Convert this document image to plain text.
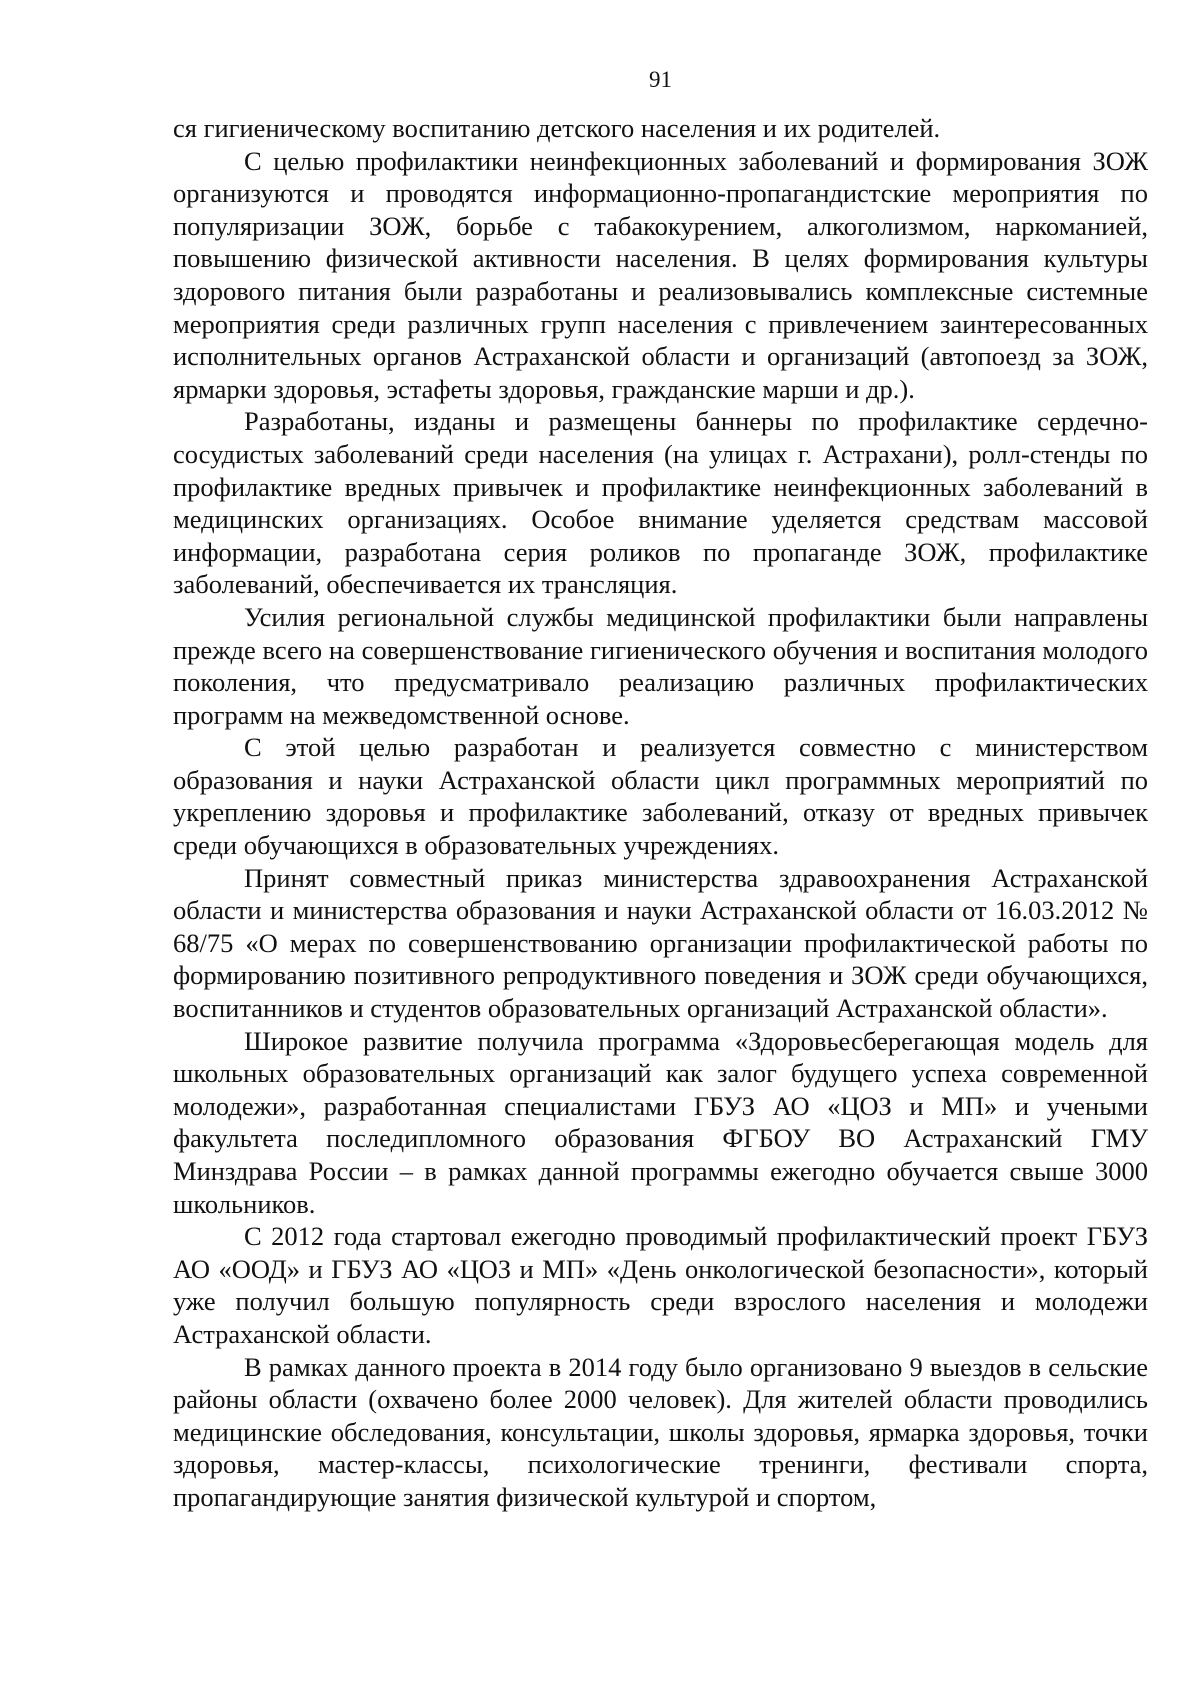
91

ся гигиеническому воспитанию детского населения и их родителей.

С целью профилактики неинфекционных заболеваний и формирования ЗОЖ организуются и проводятся информационно-пропагандистские мероприятия по популяризации ЗОЖ, борьбе с табакокурением, алкоголизмом, наркоманией, повышению физической активности населения. В целях формирования культуры здорового питания были разработаны и реализовывались комплексные системные мероприятия среди различных групп населения с привлечением заинтересованных исполнительных органов Астраханской области и организаций (автопоезд за ЗОЖ, ярмарки здоровья, эстафеты здоровья, гражданские марши и др.).

Разработаны, изданы и размещены баннеры по профилактике сердечно-сосудистых заболеваний среди населения (на улицах г. Астрахани), ролл-стенды по профилактике вредных привычек и профилактике неинфекционных заболеваний в медицинских организациях. Особое внимание уделяется средствам массовой информации, разработана серия роликов по пропаганде ЗОЖ, профилактике заболеваний, обеспечивается их трансляция.

Усилия региональной службы медицинской профилактики были направлены прежде всего на совершенствование гигиенического обучения и воспитания молодого поколения, что предусматривало реализацию различных профилактических программ на межведомственной основе.

С этой целью разработан и реализуется совместно с министерством образования и науки Астраханской области цикл программных мероприятий по укреплению здоровья и профилактике заболеваний, отказу от вредных привычек среди обучающихся в образовательных учреждениях.

Принят совместный приказ министерства здравоохранения Астраханской области и министерства образования и науки Астраханской области от 16.03.2012 № 68/75 «О мерах по совершенствованию организации профилактической работы по формированию позитивного репродуктивного поведения и ЗОЖ среди обучающихся, воспитанников и студентов образовательных организаций Астраханской области».

Широкое развитие получила программа «Здоровьесберегающая модель для школьных образовательных организаций как залог будущего успеха современной молодежи», разработанная специалистами ГБУЗ АО «ЦОЗ и МП» и учеными факультета последипломного образования ФГБОУ ВО Астраханский ГМУ Минздрава России – в рамках данной программы ежегодно обучается свыше 3000 школьников.

С 2012 года стартовал ежегодно проводимый профилактический проект ГБУЗ АО «ООД» и ГБУЗ АО «ЦОЗ и МП» «День онкологической безопасности», который уже получил большую популярность среди взрослого населения и молодежи Астраханской области.

В рамках данного проекта в 2014 году было организовано 9 выездов в сельские районы области (охвачено более 2000 человек). Для жителей области проводились медицинские обследования, консультации, школы здоровья, ярмарка здоровья, точки здоровья, мастер-классы, психологические тренинги, фестивали спорта, пропагандирующие занятия физической культурой и спортом,
